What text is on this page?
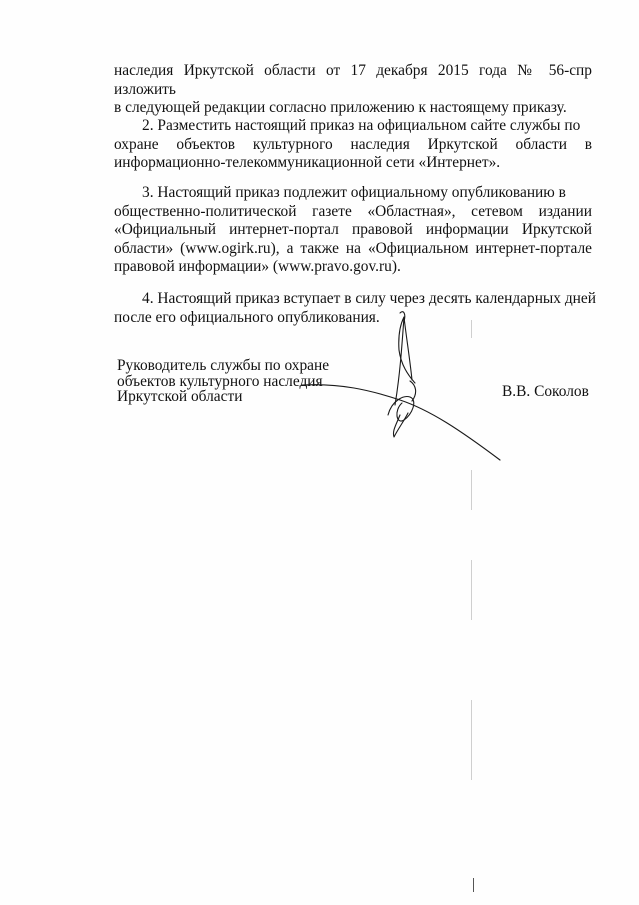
наследия Иркутской области от 17 декабря 2015 года № 56-спр изложить
в следующей редакции согласно приложению к настоящему приказу.
2. Разместить настоящий приказ на официальном сайте службы по
охране объектов культурного наследия Иркутской области в
информационно-телекоммуникационной сети «Интернет».
3. Настоящий приказ подлежит официальному опубликованию в
общественно-политической газете «Областная», сетевом издании
«Официальный интернет-портал правовой информации Иркутской
области» (www.ogirk.ru), а также на «Официальном интернет-портале
правовой информации» (www.pravo.gov.ru).
4. Настоящий приказ вступает в силу через десять календарных дней
после его официального опубликования.
Руководитель службы по охране
объектов культурного наследия
Иркутской области	В.В. Соколов
